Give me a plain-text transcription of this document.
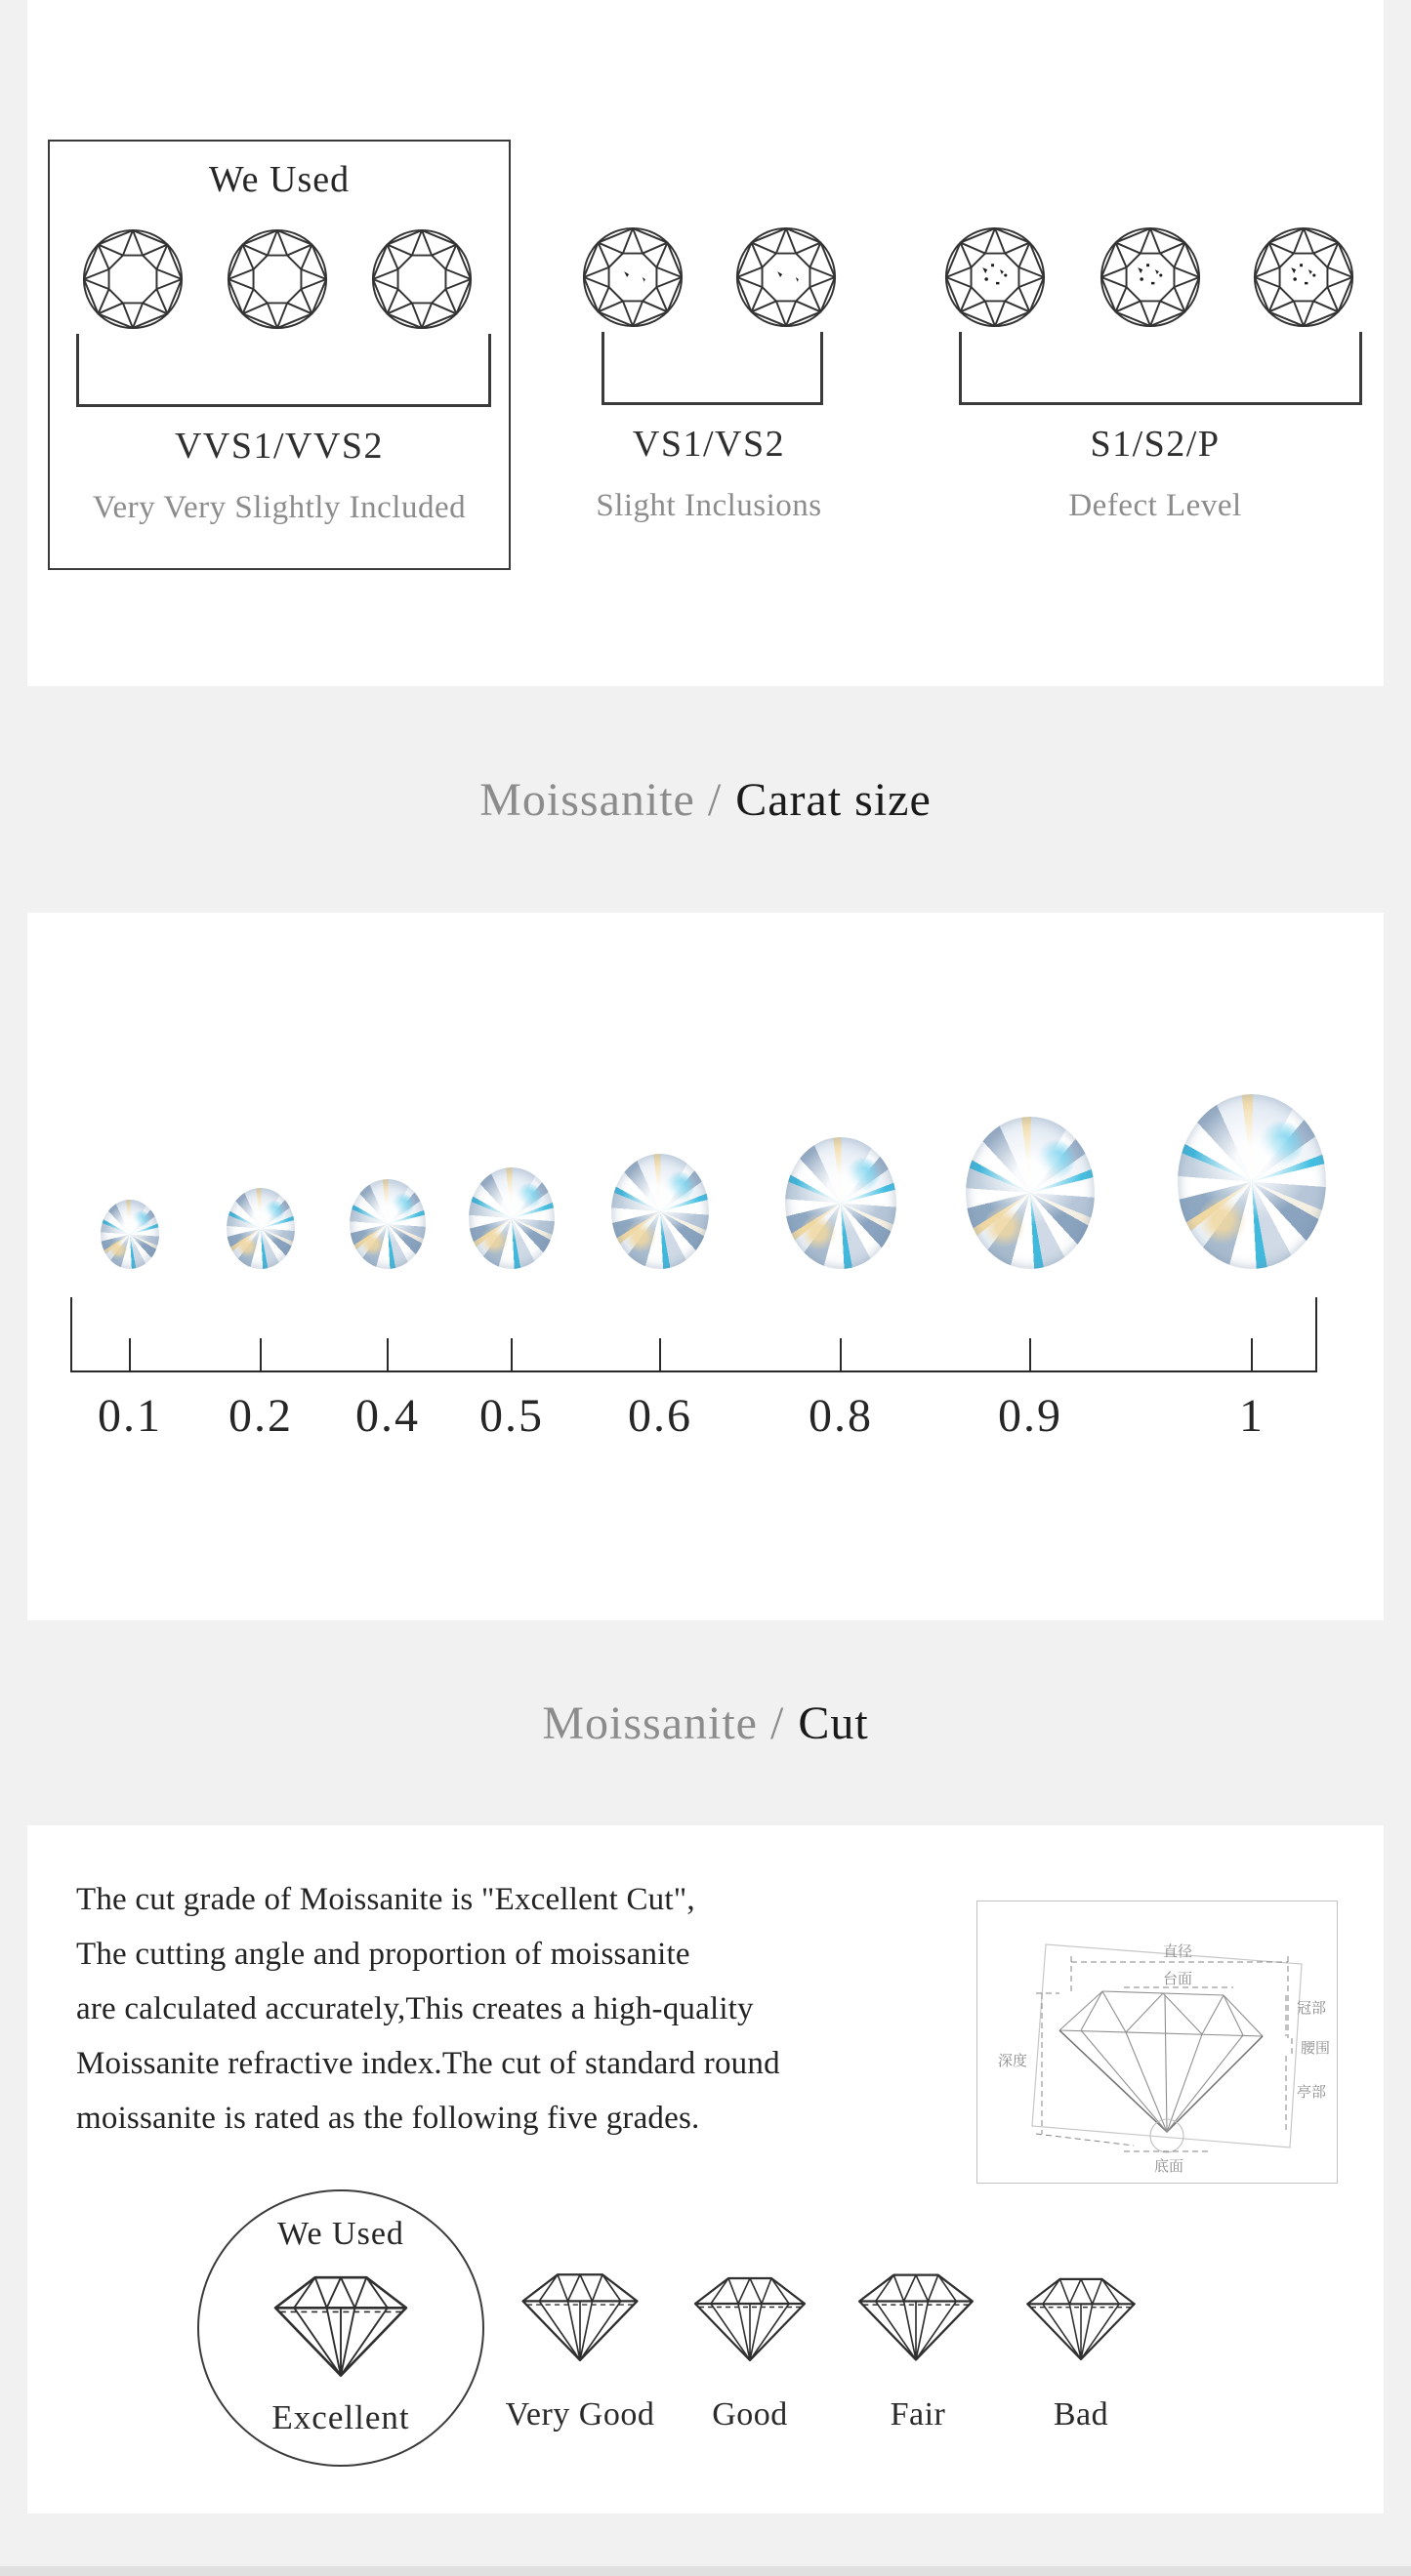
We Used
VVS1/VVS2
Very Very Slightly Included
VS1/VS2
Slight Inclusions
S1/S2/P
Defect Level
Moissanite / Carat size
0.1	0.2	0.4	0.5	0.6	0.8	0.9	1
Moissanite / Cut
The cut grade of Moissanite is "Excellent Cut",
The cutting angle and proportion of moissanite
are calculated accurately,This creates a high-quality
Moissanite refractive index.The cut of standard round
moissanite is rated as the following five grades.
直径
台面
深度
冠部
腰围
亭部
底面
We Used
Excellent	Very Good	Good	Fair	Bad
